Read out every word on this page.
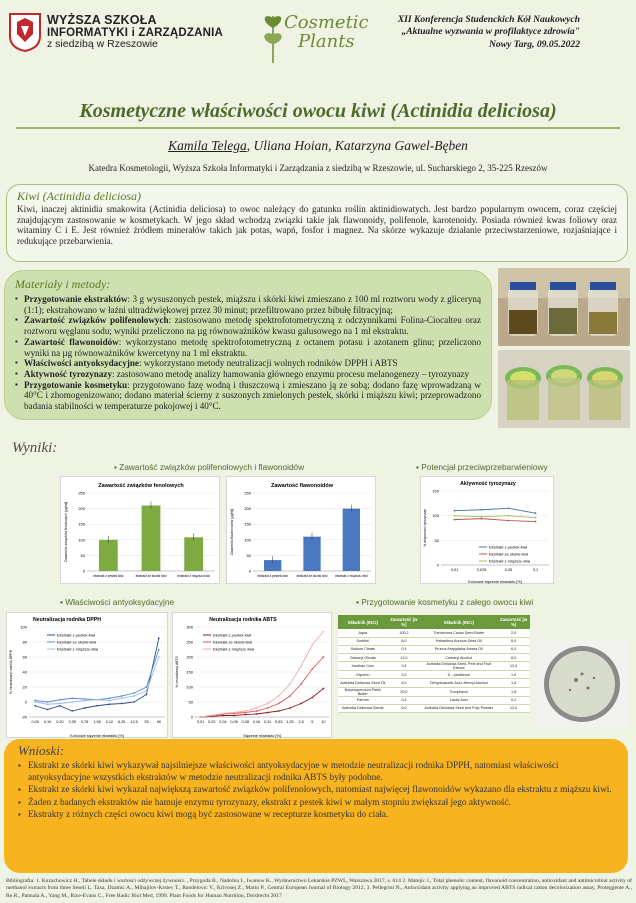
WYŻSZA SZKOŁA
INFORMATYKI i ZARZĄDZANIA
z siedzibą w Rzeszowie
Cosmetic
Plants
XII Konferencja Studenckich Kół Naukowych
„Aktualne wyzwania w profilaktyce zdrowia"
Nowy Targ, 09.05.2022
Kosmetyczne właściwości owocu kiwi (Actinidia deliciosa)
Kamila Telega, Uliana Hoian, Katarzyna Gawel-Bęben
Katedra Kosmetologii, Wyższa Szkoła Informatyki i Zarządzania z siedzibą w Rzeszowie, ul. Sucharskiego 2, 35-225 Rzeszów
Kiwi (Actinidia deliciosa)
Kiwi, inaczej aktinidia smakowita (Actinidia deliciosa) to owoc należący do gatunku roślin aktinidiowatych. Jest bardzo popularnym owocem, coraz częściej znajdującym zastosowanie w kosmetykach. W jego skład wchodzą związki takie jak flawonoidy, polifenole, karotenoidy. Posiada również kwas foliowy oraz witaminy C i E. Jest również źródłem minerałów takich jak potas, wapń, fosfor i magnez. Na skórze wykazuje działanie przeciwstarzeniowe, rozjaśniające i redukujące przebarwienia.
Materiały i metody:
▪ Przygotowanie ekstraktów: 3 g wysuszonych pestek, miąższu i skórki kiwi zmieszano z 100 ml roztworu wody z gliceryną (1:1); ekstrahowano w łaźni ultradźwiękowej przez 30 minut; przefiltrowano przez bibułę filtracyjną;
▪ Zawartość związków polifenolowych: zastosowano metodę spektrofotometryczną z odczynnikami Folina-Ciocalteu oraz roztworu węglanu sodu; wyniki przeliczono na µg równoważników kwasu galusowego na 1 ml ekstraktu.
▪ Zawartość flawonoidów: wykorzystano metodę spektrofotometryczną z octanem potasu i azotanem glinu; przeliczono wyniki na µg równoważników kwercetyny na 1 ml ekstraktu.
▪ Właściwości antyoksydacyjne: wykorzystano metody neutralizacji wolnych rodników DPPH i ABTS
▪ Aktywność tyrozynazy: zastosowano metodę analizy hamowania głównego enzymu procesu melanogenezy – tyrozynazy
▪ Przygotowanie kosmetyku: przygotowano fazę wodną i tłuszczową i zmieszano ją ze sobą; dodano fazę wprowadzaną w 40°C i zhomogenizowano; dodano materiał ścierny z suszonych zmielonych pestek, skórki i miąższu kiwi; przeprowadzono badania stabilności w temperaturze pokojowej i 40°C.
Wyniki:
▪ Zawartość związków polifenolowych i flawonoidów	▪ Potencjał przeciwprzebarwieniowy
▪ Właściwości antyoksydacyjne	▪ Przygotowanie kosmetyku z całego owocu kiwi
Zawartość związków fenolowych
Zawartość związków fenolowych [µg/ml]
0
50
100
150
200
250
ekstrakt z pestek kiwi	ekstrakt ze skórki kiwi	ekstrakt z miąższu kiwi
Zawartość flawonoidów
Zawartość flawonoidów [µg/ml]
0
50
100
150
200
250
ekstrakt z pestek kiwi	ekstrakt ze skórki kiwi ekstrakt z miąższu kiwi
Aktywność tyrozynazy
% aktywności tyrozynazy
Końcowe stężenie ekstraktu [%]
0
50
100
150
0,01	0,025	0,05	0,1
Ekstrakt z pestek kiwi
Ekstrakt ze skórki kiwi
Ekstrakt z miąższu kiwi
Neutralizacja rodnika DPPH
% neutralizacji rodnika DPPH
Końcowe stężenie ekstraktu [%]
-20
0
20
40
60
80
100
0,05 0,10 0,20 0,39 0,78 1,56 3,12 6,25 12,5 25 50
Ekstrakt z pestek kiwi
Ekstrakt ze skórki kiwi
Ekstrakt z miąższu kiwi
Neutralizacja rodnika ABTS
% neutralizacji ABTS
Stężenie ekstraktu [%]
0
50
100
150
200
250
300
0,01 0,02 0,04 0,06 0,08 0,16 0,31 0,63 1,25 2,5 5 10
Ekstrakt z pestek kiwi
Ekstrakt ze skórki kiwi
Ekstrakt z miąższu kiwi
Składnik (INCI)	Zawartość [w %]	Składnik (INCI)	Zawartość [w %]
Aqua	100,2	Theobroma Cacao Seed Butter	2,0
Sorbitol	8,0	Helianthus Annuus Seed Oil	6,0
Sodium Citrate	0,4	Prunus Amygdalus Amara Oil	6,0
Cetearyl Olivate	12,0	Cetearyl Alcohol	8,0
Xanthan Gum	0,4	Actinidia Deliciosa Seed, Peel and Fruit Extract	12,0
Glycerin	2,0	D - panthenol	1,0
Actinidia Deliciosa Seed Oil	6,0	Dehydroacetic Acid, Benzyl Alcohol	1,8
Butyrospermum Parkii Butter	20,0	Tocopherol	1,8
Parfum	0,4	Lactic Acid	0,2
Actinidia Deliciosa Seeds	6,0	Actinidia Deliciosa Seed and Pulp Powder	12,0
Wnioski:
▪ Ekstrakt ze skórki kiwi wykazywał najsilniejsze właściwości antyoksydacyjne w metodzie neutralizacji rodnika DPPH, natomiast właściwości antyoksydacyjne wszystkich ekstraktów w metodzie neutralizacji rodnika ABTS były podobne.
▪ Ekstrakt ze skórki kiwi wykazał największą zawartość związków polifenolowych, natomiast najwięcej flawonoidów wykazano dla ekstraktu z miąższu kiwi.
▪ Żaden z badanych ekstraktów nie hamuje enzymu tyrozynazy, ekstrakt z pestek kiwi w małym stopniu zwiększał jego aktywność.
▪ Ekstrakty z różnych części owocu kiwi mogą być zastosowane w recepturze kosmetyku do ciała.
Bibliografia: 1. Kuzachowicz H., Tabele składu i wartości odżywczej żywności. , Przygoda B., Nadolna I., Iwanow K., Wydawnictwo Lekarskie PZWL, Warszawa 2017, s. 614 2. Matejic J., Total phenolic content, flavonoid concentration, antioxidant and antimicrobial activity of methanol extracts from three Seseli L. Taxa, Dzamic A., Mihajilov-Krstev T., Randelovic V., Krivosej Z., Marin P., Central European Journal of Biology 2012, 3. Pellegrini N., Antioxidant activity applying an improved ABTS radical cation decolorization assay, Proteggente A., Re R., Pannala A., Yang M., Rice-Evans C., Free Radic Biol Med, 1999. Plant Foods for Human Nutrition, Dordrecht 2017
